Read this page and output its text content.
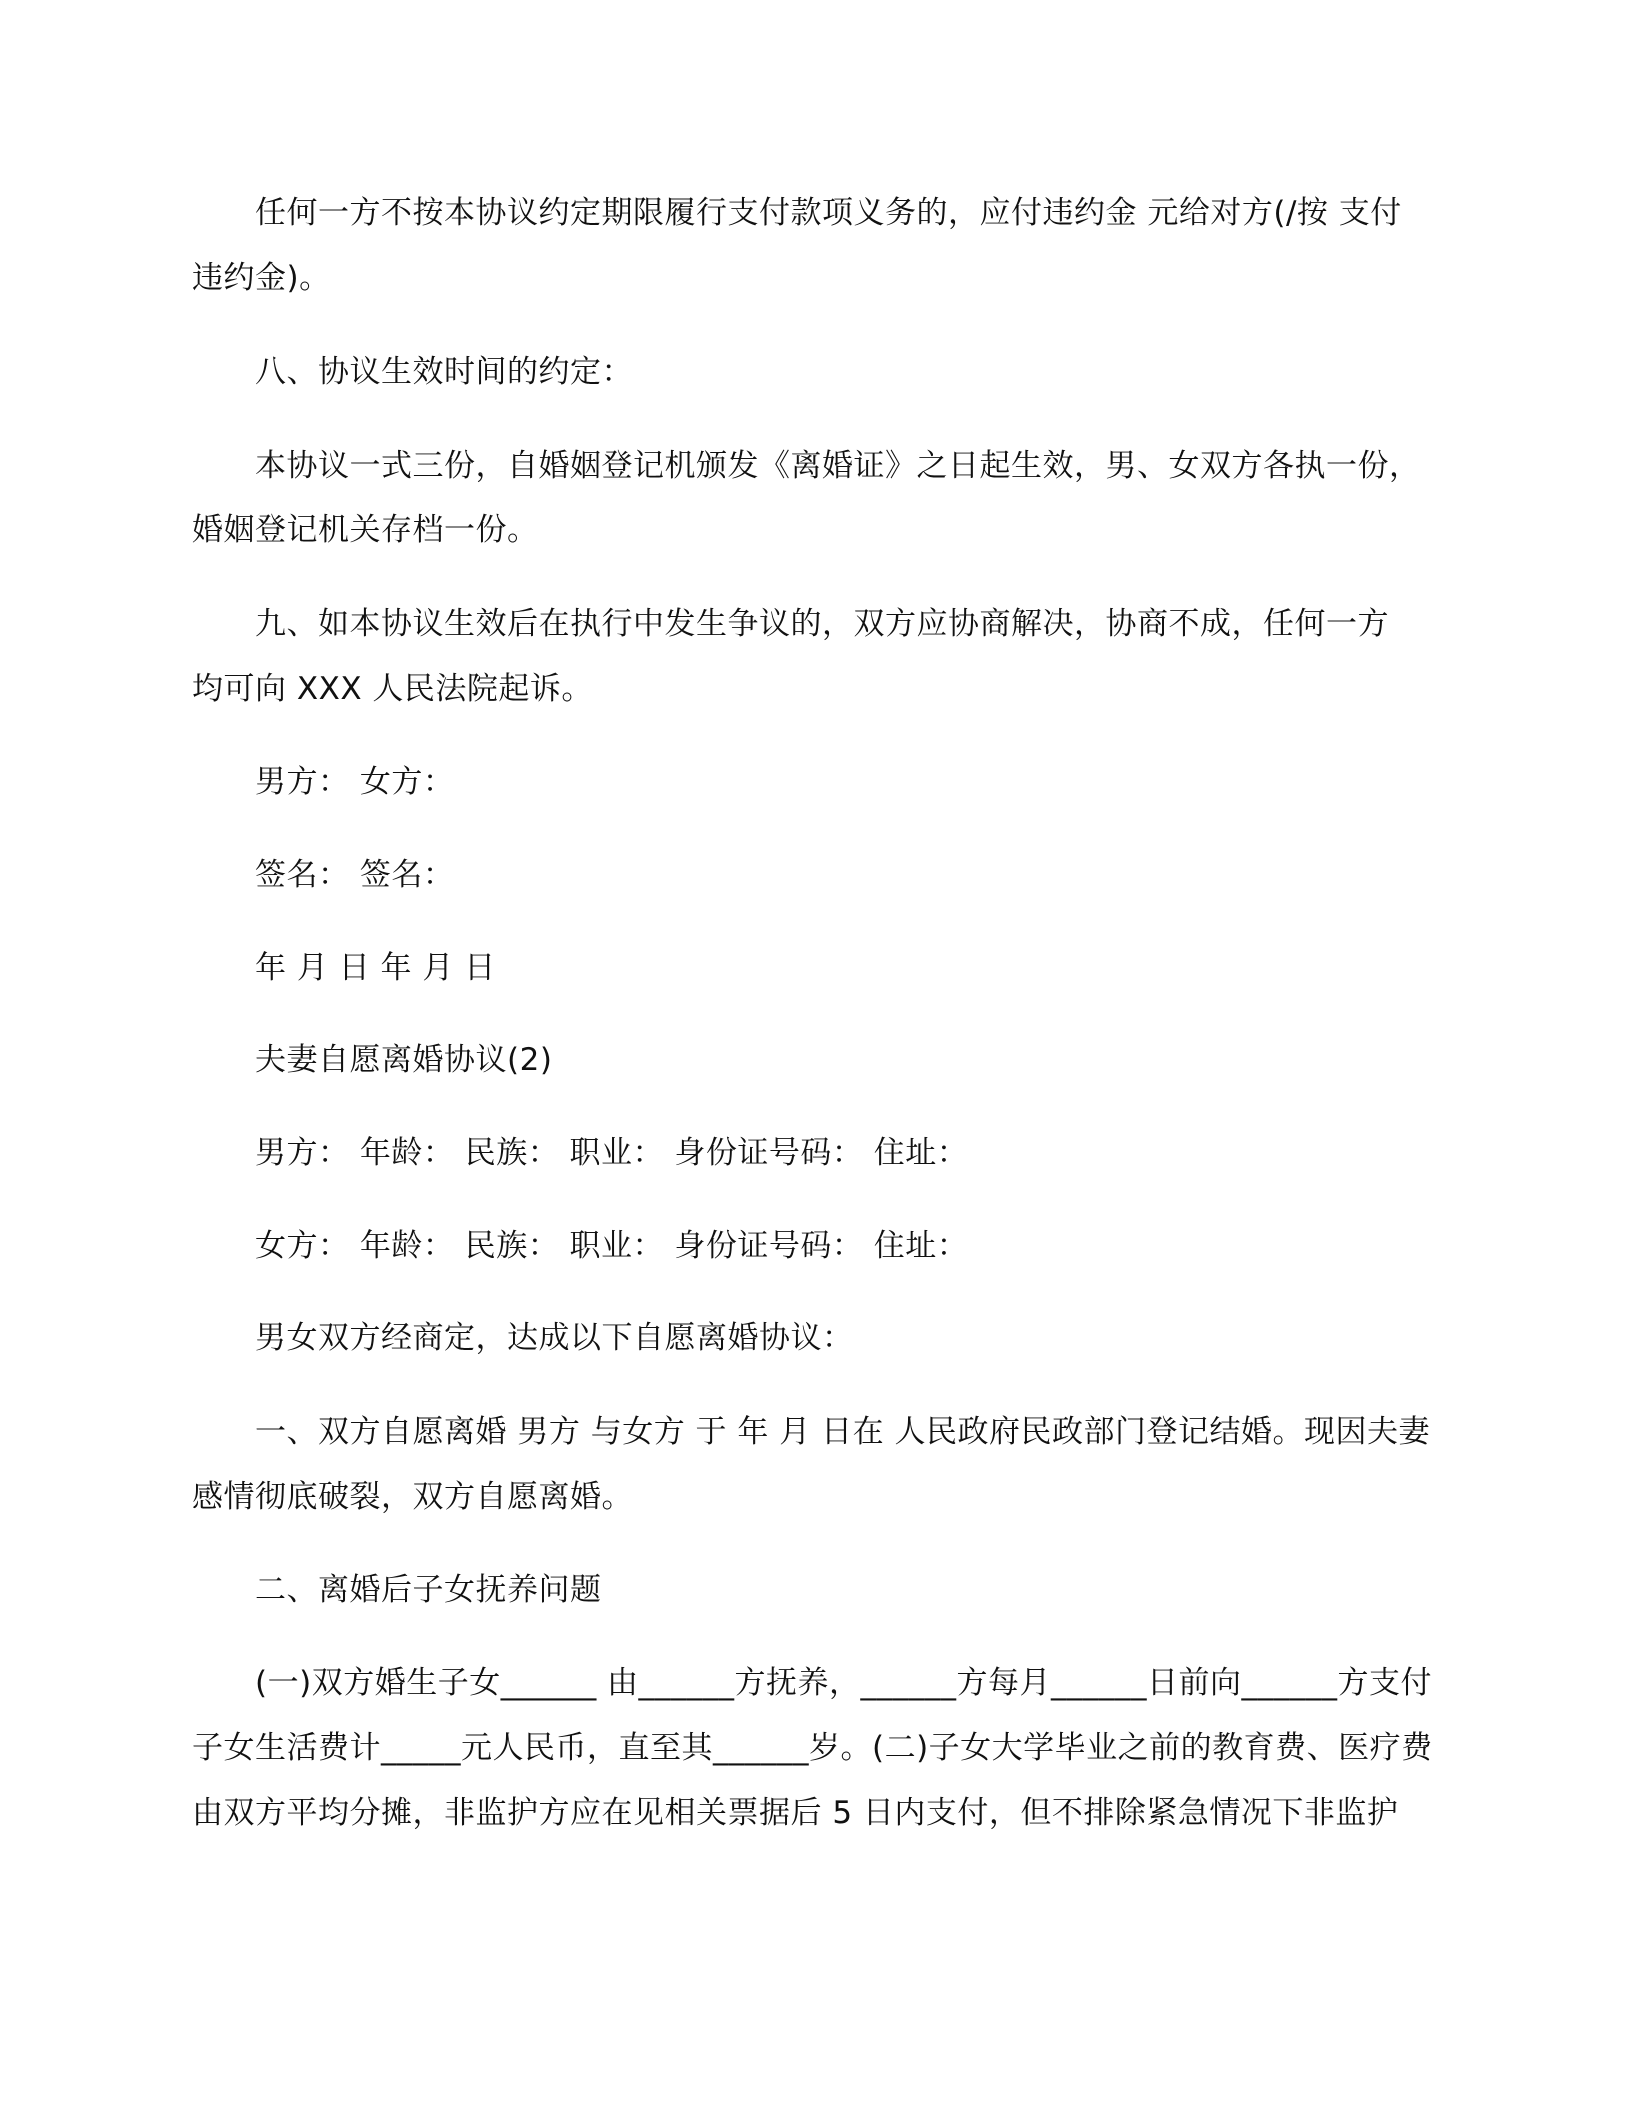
任何一方不按本协议约定期限履行支付款项义务的，应付违约金 元给对方(/按 支付
违约金)。
八、协议生效时间的约定：
本协议一式三份，自婚姻登记机颁发《离婚证》之日起生效，男、女双方各执一份，
婚姻登记机关存档一份。
九、如本协议生效后在执行中发生争议的，双方应协商解决，协商不成，任何一方
均可向 XXX 人民法院起诉。
男方： 女方：
签名： 签名：
年 月 日 年 月 日
夫妻自愿离婚协议(2)
男方： 年龄： 民族： 职业： 身份证号码： 住址：
女方： 年龄： 民族： 职业： 身份证号码： 住址：
男女双方经商定，达成以下自愿离婚协议：
一、双方自愿离婚 男方 与女方 于 年 月 日在 人民政府民政部门登记结婚。现因夫妻
感情彻底破裂，双方自愿离婚。
二、离婚后子女抚养问题
(一)双方婚生子女______ 由______方抚养，______方每月______日前向______方支付
子女生活费计_____元人民币，直至其______岁。(二)子女大学毕业之前的教育费、医疗费
由双方平均分摊，非监护方应在见相关票据后 5 日内支付，但不排除紧急情况下非监护
